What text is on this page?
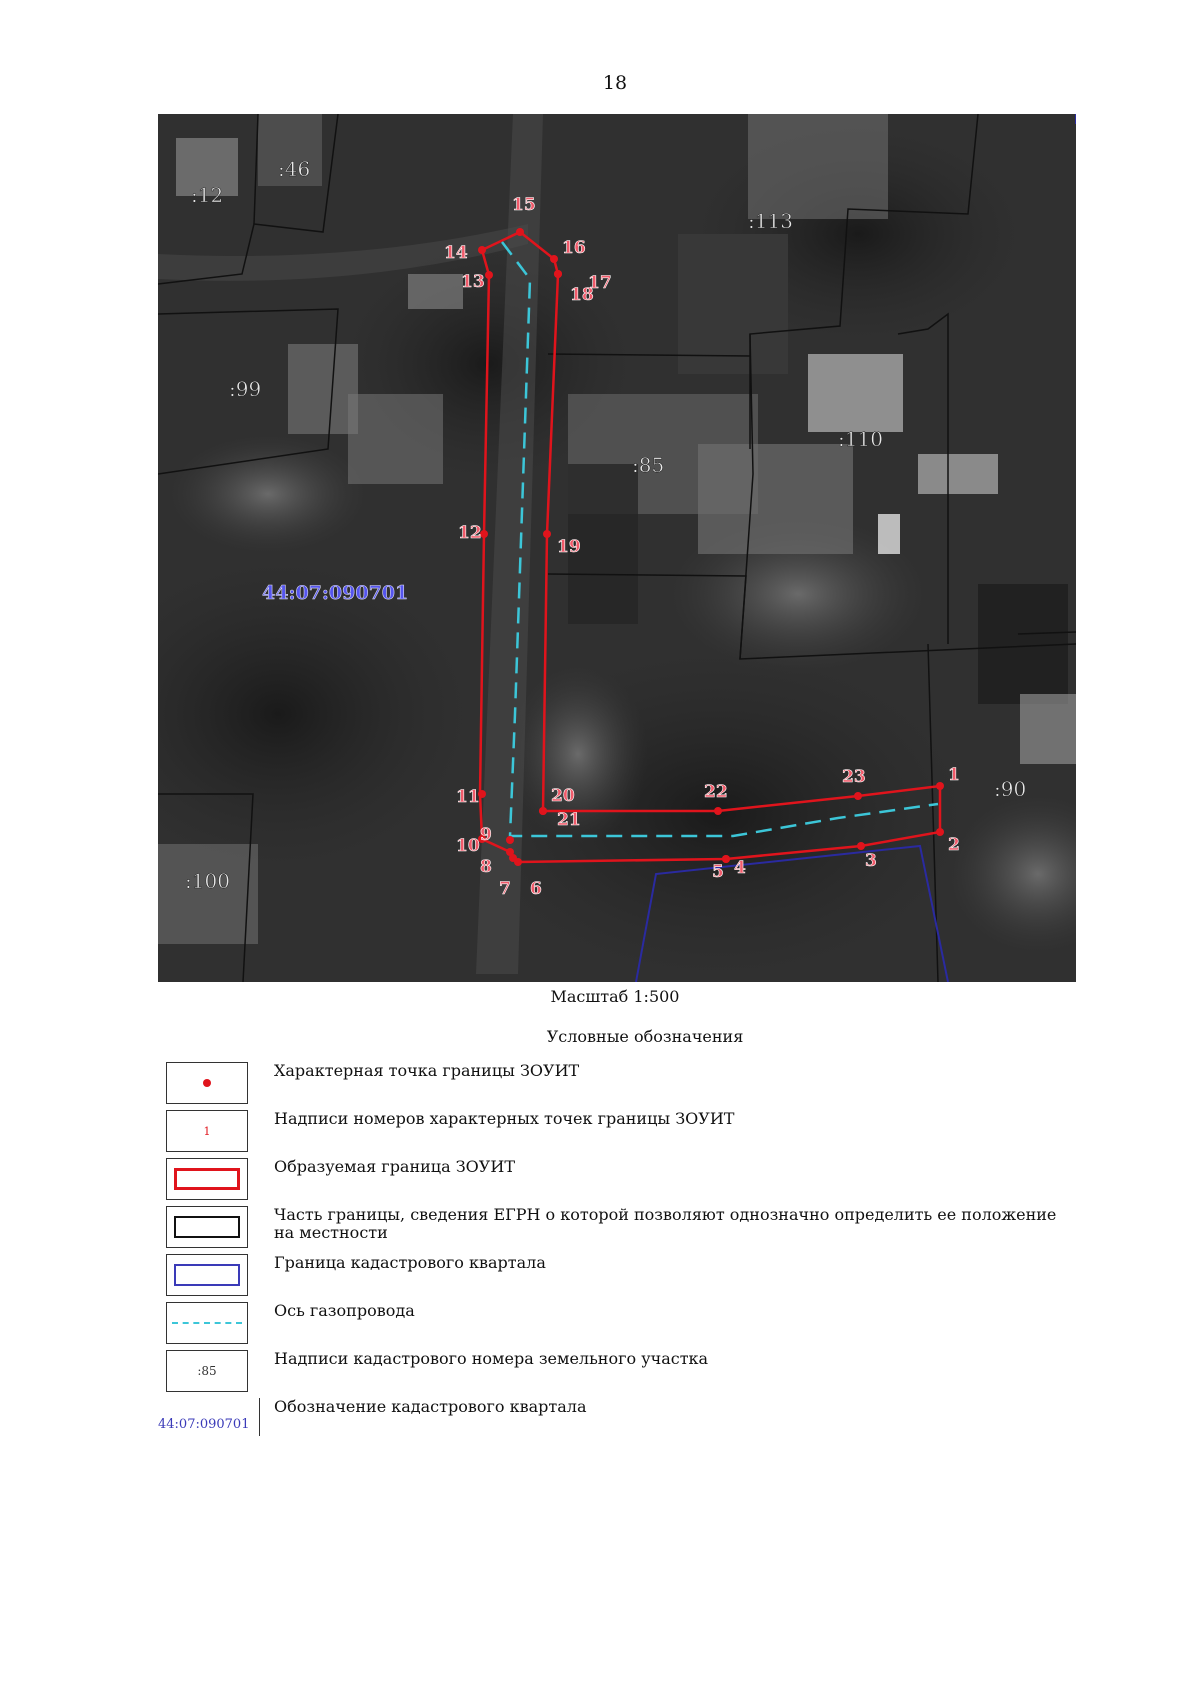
18
1
2
3
4
5
6
7
8
9
10
11
12
13
14
15
16
17
18
19
20
21
22
23
:46
:12
:113
:99
:110
:85
:90
:100
44:07:090701
Масштаб 1:500
Условные обозначения
Характерная точка границы ЗОУИТ
1
Надписи номеров характерных точек границы ЗОУИТ
Образуемая граница ЗОУИТ
Часть границы, сведения ЕГРН о которой позволяют однозначно определить ее положение на местности
Граница кадастрового квартала
Ось газопровода
:85
Надписи кадастрового номера земельного участка
44:07:090701
Обозначение кадастрового квартала
